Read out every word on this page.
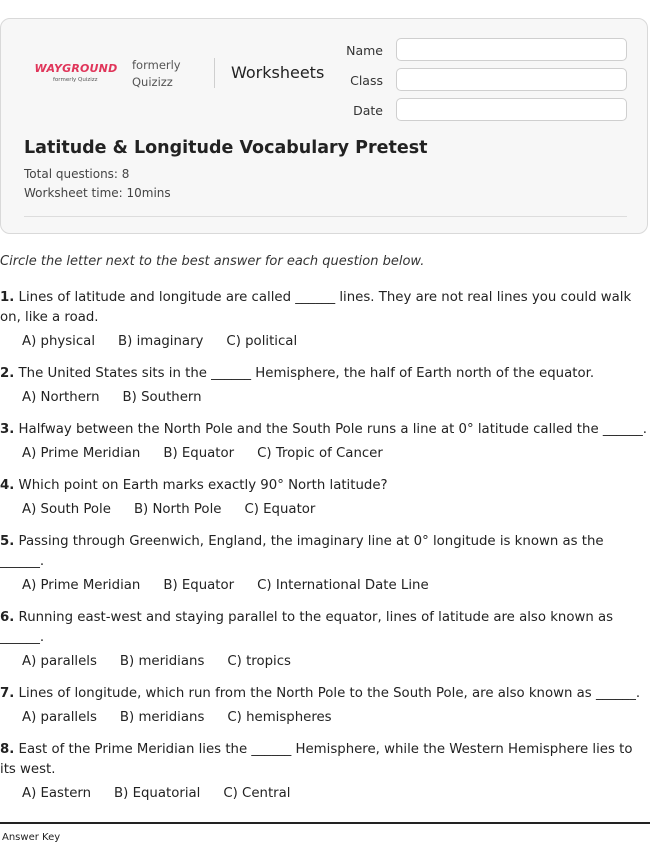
WAYGROUND
formerly Quizizz
formerly Quizizz	Worksheets
Name
Class
Date
Latitude & Longitude Vocabulary Pretest
Total questions: 8
Worksheet time: 10mins
Circle the letter next to the best answer for each question below.

1. Lines of latitude and longitude are called ______ lines. They are not real lines you could walk on, like a road.

A) physical B) imaginary C) political

2. The United States sits in the ______ Hemisphere, the half of Earth north of the equator.

A) Northern B) Southern

3. Halfway between the North Pole and the South Pole runs a line at 0° latitude called the ______.

A) Prime Meridian B) Equator C) Tropic of Cancer

4. Which point on Earth marks exactly 90° North latitude?

A) South Pole B) North Pole C) Equator

5. Passing through Greenwich, England, the imaginary line at 0° longitude is known as the ______.

A) Prime Meridian B) Equator C) International Date Line

6. Running east-west and staying parallel to the equator, lines of latitude are also known as ______.

A) parallels B) meridians C) tropics

7. Lines of longitude, which run from the North Pole to the South Pole, are also known as ______.

A) parallels B) meridians C) hemispheres

8. East of the Prime Meridian lies the ______ Hemisphere, while the Western Hemisphere lies to its west.

A) Eastern B) Equatorial C) Central
Answer Key
